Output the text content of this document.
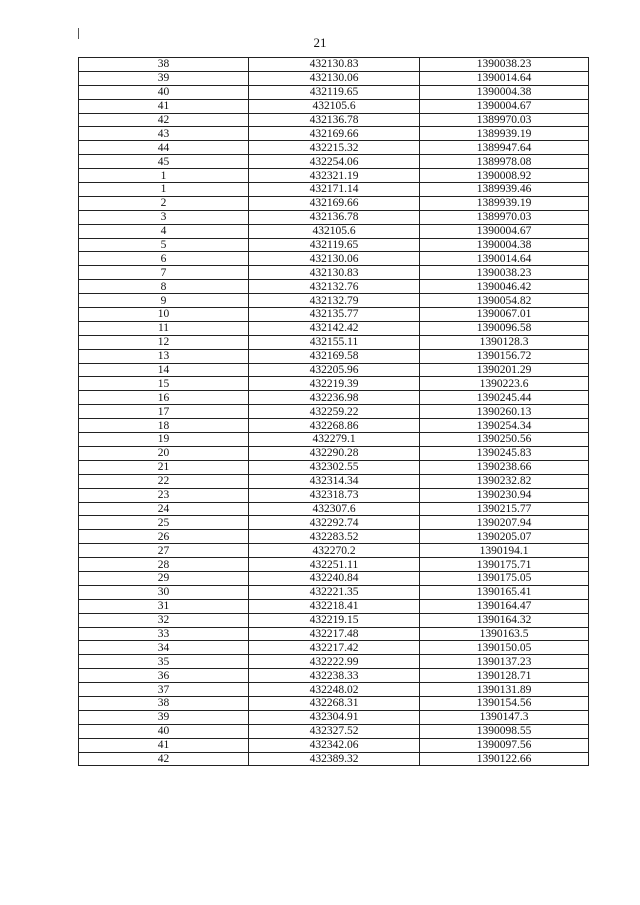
21
38	432130.83	1390038.23
39	432130.06	1390014.64
40	432119.65	1390004.38
41	432105.6	1390004.67
42	432136.78	1389970.03
43	432169.66	1389939.19
44	432215.32	1389947.64
45	432254.06	1389978.08
1	432321.19	1390008.92
1	432171.14	1389939.46
2	432169.66	1389939.19
3	432136.78	1389970.03
4	432105.6	1390004.67
5	432119.65	1390004.38
6	432130.06	1390014.64
7	432130.83	1390038.23
8	432132.76	1390046.42
9	432132.79	1390054.82
10	432135.77	1390067.01
11	432142.42	1390096.58
12	432155.11	1390128.3
13	432169.58	1390156.72
14	432205.96	1390201.29
15	432219.39	1390223.6
16	432236.98	1390245.44
17	432259.22	1390260.13
18	432268.86	1390254.34
19	432279.1	1390250.56
20	432290.28	1390245.83
21	432302.55	1390238.66
22	432314.34	1390232.82
23	432318.73	1390230.94
24	432307.6	1390215.77
25	432292.74	1390207.94
26	432283.52	1390205.07
27	432270.2	1390194.1
28	432251.11	1390175.71
29	432240.84	1390175.05
30	432221.35	1390165.41
31	432218.41	1390164.47
32	432219.15	1390164.32
33	432217.48	1390163.5
34	432217.42	1390150.05
35	432222.99	1390137.23
36	432238.33	1390128.71
37	432248.02	1390131.89
38	432268.31	1390154.56
39	432304.91	1390147.3
40	432327.52	1390098.55
41	432342.06	1390097.56
42	432389.32	1390122.66
